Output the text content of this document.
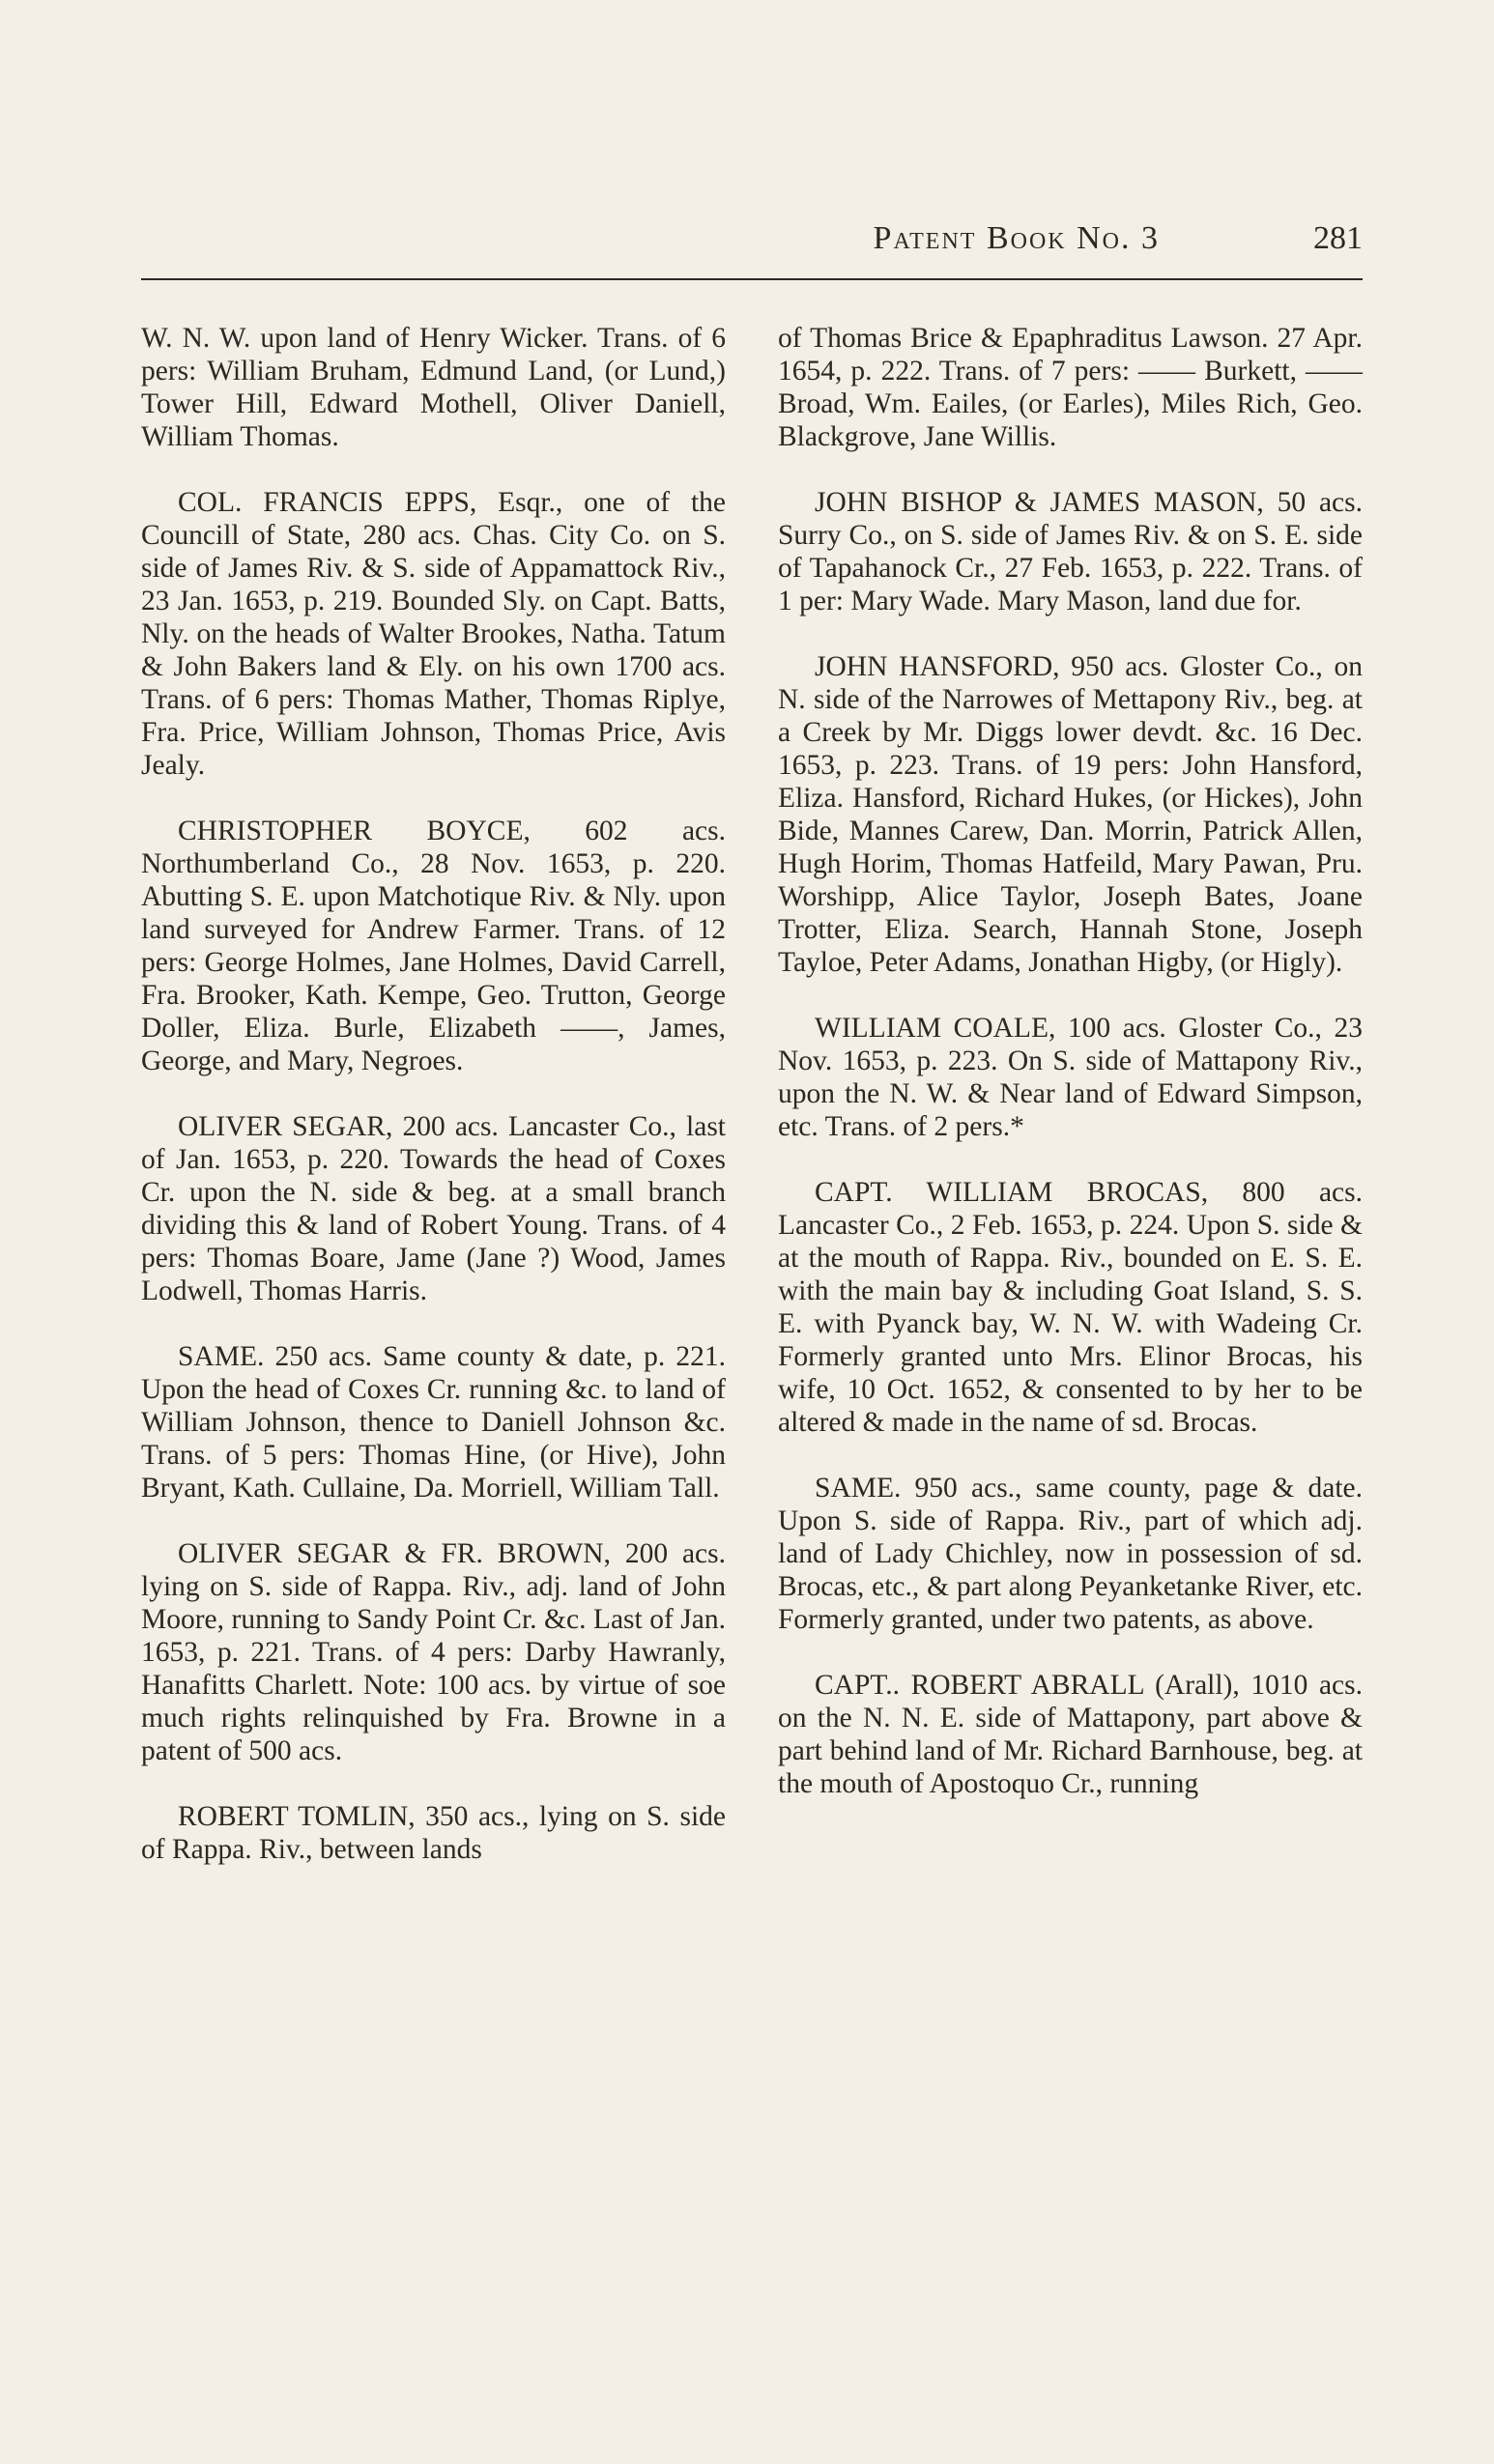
Patent Book No. 3	281

W. N. W. upon land of Henry Wicker. Trans. of 6 pers: William Bruham, Edmund Land, (or Lund,) Tower Hill, Edward Mothell, Oliver Daniell, William Thomas.

COL. FRANCIS EPPS, Esqr., one of the Councill of State, 280 acs. Chas. City Co. on S. side of James Riv. & S. side of Appamattock Riv., 23 Jan. 1653, p. 219. Bounded Sly. on Capt. Batts, Nly. on the heads of Walter Brookes, Natha. Tatum & John Bakers land & Ely. on his own 1700 acs. Trans. of 6 pers: Thomas Mather, Thomas Riplye, Fra. Price, William Johnson, Thomas Price, Avis Jealy.

CHRISTOPHER BOYCE, 602 acs. Northumberland Co., 28 Nov. 1653, p. 220. Abutting S. E. upon Matchotique Riv. & Nly. upon land surveyed for Andrew Farmer. Trans. of 12 pers: George Holmes, Jane Holmes, David Carrell, Fra. Brooker, Kath. Kempe, Geo. Trutton, George Doller, Eliza. Burle, Elizabeth ——, James, George, and Mary, Negroes.

OLIVER SEGAR, 200 acs. Lancaster Co., last of Jan. 1653, p. 220. Towards the head of Coxes Cr. upon the N. side & beg. at a small branch dividing this & land of Robert Young. Trans. of 4 pers: Thomas Boare, Jame (Jane ?) Wood, James Lodwell, Thomas Harris.

SAME. 250 acs. Same county & date, p. 221. Upon the head of Coxes Cr. running &c. to land of William Johnson, thence to Daniell Johnson &c. Trans. of 5 pers: Thomas Hine, (or Hive), John Bryant, Kath. Cullaine, Da. Morriell, William Tall.

OLIVER SEGAR & FR. BROWN, 200 acs. lying on S. side of Rappa. Riv., adj. land of John Moore, running to Sandy Point Cr. &c. Last of Jan. 1653, p. 221. Trans. of 4 pers: Darby Hawranly, Hanafitts Charlett. Note: 100 acs. by virtue of soe much rights relinquished by Fra. Browne in a patent of 500 acs.

ROBERT TOMLIN, 350 acs., lying on S. side of Rappa. Riv., between lands

of Thomas Brice & Epaphraditus Lawson. 27 Apr. 1654, p. 222. Trans. of 7 pers: —— Burkett, —— Broad, Wm. Eailes, (or Earles), Miles Rich, Geo. Blackgrove, Jane Willis.

JOHN BISHOP & JAMES MASON, 50 acs. Surry Co., on S. side of James Riv. & on S. E. side of Tapahanock Cr., 27 Feb. 1653, p. 222. Trans. of 1 per: Mary Wade. Mary Mason, land due for.

JOHN HANSFORD, 950 acs. Gloster Co., on N. side of the Narrowes of Mettapony Riv., beg. at a Creek by Mr. Diggs lower devdt. &c. 16 Dec. 1653, p. 223. Trans. of 19 pers: John Hansford, Eliza. Hansford, Richard Hukes, (or Hickes), John Bide, Mannes Carew, Dan. Morrin, Patrick Allen, Hugh Horim, Thomas Hatfeild, Mary Pawan, Pru. Worshipp, Alice Taylor, Joseph Bates, Joane Trotter, Eliza. Search, Hannah Stone, Joseph Tayloe, Peter Adams, Jonathan Higby, (or Higly).

WILLIAM COALE, 100 acs. Gloster Co., 23 Nov. 1653, p. 223. On S. side of Mattapony Riv., upon the N. W. & Near land of Edward Simpson, etc. Trans. of 2 pers.*

CAPT. WILLIAM BROCAS, 800 acs. Lancaster Co., 2 Feb. 1653, p. 224. Upon S. side & at the mouth of Rappa. Riv., bounded on E. S. E. with the main bay & including Goat Island, S. S. E. with Pyanck bay, W. N. W. with Wadeing Cr. Formerly granted unto Mrs. Elinor Brocas, his wife, 10 Oct. 1652, & consented to by her to be altered & made in the name of sd. Brocas.

SAME. 950 acs., same county, page & date. Upon S. side of Rappa. Riv., part of which adj. land of Lady Chichley, now in possession of sd. Brocas, etc., & part along Peyanketanke River, etc. Formerly granted, under two patents, as above.

CAPT.. ROBERT ABRALL (Arall), 1010 acs. on the N. N. E. side of Mattapony, part above & part behind land of Mr. Richard Barnhouse, beg. at the mouth of Apostoquo Cr., running
